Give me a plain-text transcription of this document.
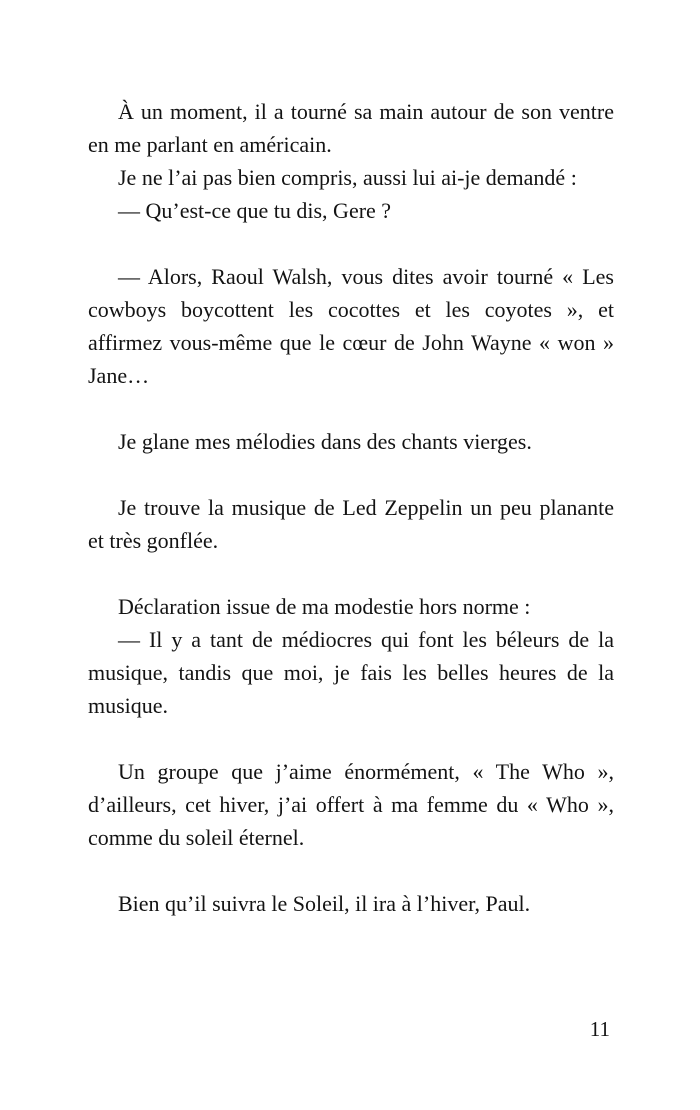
À un moment, il a tourné sa main autour de son ventre en me parlant en américain.

Je ne l’ai pas bien compris, aussi lui ai-je demandé :

— Qu’est-ce que tu dis, Gere ?

— Alors, Raoul Walsh, vous dites avoir tourné « Les cowboys boycottent les cocottes et les coyotes », et affirmez vous-même que le cœur de John Wayne « won » Jane…

Je glane mes mélodies dans des chants vierges.

Je trouve la musique de Led Zeppelin un peu planante et très gonflée.

Déclaration issue de ma modestie hors norme :

— Il y a tant de médiocres qui font les béleurs de la musique, tandis que moi, je fais les belles heures de la musique.

Un groupe que j’aime énormément, « The Who », d’ailleurs, cet hiver, j’ai offert à ma femme du « Who », comme du soleil éternel.

Bien qu’il suivra le Soleil, il ira à l’hiver, Paul.

11
